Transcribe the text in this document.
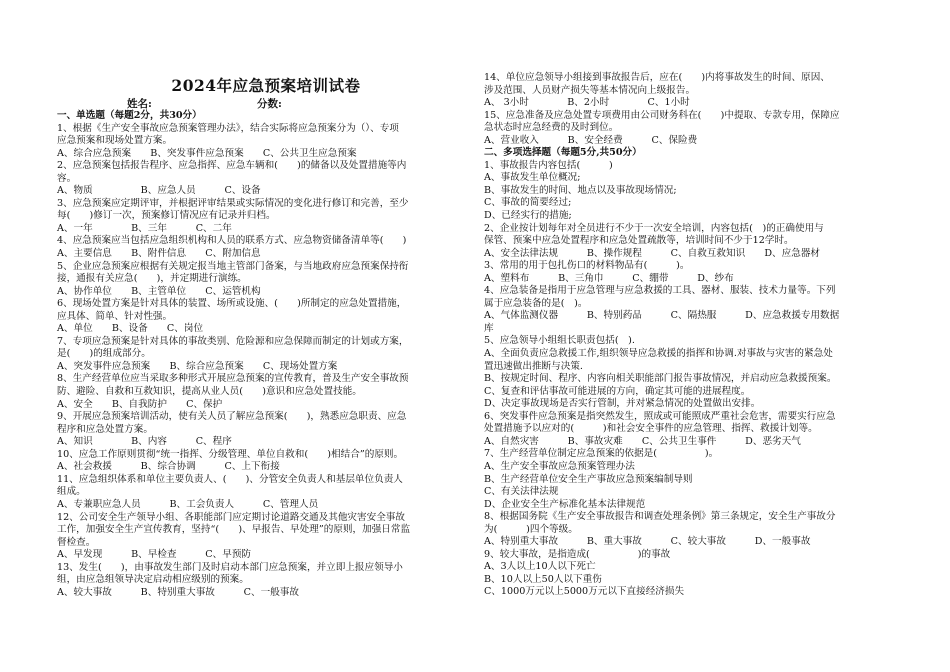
2024年应急预案培训试卷
姓名:	分数:
一、单选题（每题2分，共30分）
1、根据《生产安全事故应急预案管理办法》，结合实际将应急预案分为（）、专项
应急预案和现场处置方案。
A、综合应急预案　　B、突发事件应急预案　　C、公共卫生应急预案
2、应急预案包括报告程序、应急指挥、应急车辆和(　　)的储备以及处置措施等内
容。
A、物质　　　　　B、应急人员　　　C、设备
3、应急预案应定期评审，并根据评审结果或实际情况的变化进行修订和完善，至少
每(　　)修订一次，预案修订情况应有记录并归档。
A、一年　　　　B、三年　　　C、二年
4、应急预案应当包括应急组织机构和人员的联系方式、应急物资储备清单等(　　)
A、主要信息　　B、附件信息　　C、附加信息
5、企业应急预案应根据有关规定报当地主管部门备案，与当地政府应急预案保持衔
接，通报有关应急(　　)，并定期进行演练。
A、协作单位　　B、主管单位　　C、运管机构
6、现场处置方案是针对具体的装置、场所或设施、(　　)所制定的应急处置措施，
应具体、简单、针对性强。
A、单位　　B、设备　　C、岗位
7、专项应急预案是针对具体的事故类别、危险源和应急保障而制定的计划或方案，
是(　　)的组成部分。
A、突发事件应急预案　　B、综合应急预案　　C、现场处置方案
8、生产经营单位应当采取多种形式开展应急预案的宣传教育，普及生产安全事故预
防、避险、自救和互救知识，提高从业人员(　　)意识和应急处置技能。
A、安全　　B、自我防护　　C、保护
9、开展应急预案培训活动，使有关人员了解应急预案(　　)，熟悉应急职责、应急
程序和应急处置方案。
A、知识　　　　B、内容　　　C、程序
10、应急工作原则贯彻“统一指挥、分级管理、单位自救和(　　)相结合”的原则。
A、社会救援　　　B、综合协调　　　C、上下衔接
11、应急组织体系和单位主要负责人、(　　)、分管安全负责人和基层单位负责人
组成。
A、专兼职应急人员　　　B、工会负责人　　　C、管理人员
12、公司安全生产领导小组、各职能部门应定期讨论道路交通及其他灾害安全事故
工作，加强安全生产宣传教育，坚持“(　　)、早报告、早处理”的原则，加强日常监
督检查。
A、早发现　　　B、早检查　　　C、早预防
13、发生(　　)，由事故发生部门及时启动本部门应急预案，并立即上报应领导小
组，由应急组领导决定启动相应级别的预案。
A、较大事故　　　B、特别重大事故　　　C、一般事故
14、单位应急领导小组接到事故报告后，应在(　　)内将事故发生的时间、原因、
涉及范围、人员财产损失等基本情况向上级报告。
A、 3小时　　　　B、2小时　　　　C、1小时
15、应急准备及应急处置专项费用由公司财务科在(　　)中提取、专款专用，保障应
急状态时应急经费的及时到位。
A、营业收入　　　B、安全经费　　　C、保险费
二、多项选择题（每题5分,共50分）
1、事故报告内容包括(　　　)
A、事故发生单位概况;
B、事故发生的时间、地点以及事故现场情况;
C、事故的简要经过;
D、已经实行的措施;
2、企业按计划每年对全员进行不少于一次安全培训，内容包括(　)的正确使用与
保管、预案中应急处置程序和应急处置疏散等，培训时间不少于12学时。
A、安全法律法规　　　B、操作规程　　　C、自救互救知识　　D、应急器材
3、常用的用于包扎伤口的材料物品有(　　　)。
A、塑料布　　　B、三角巾　　　C、绷带　　　D、纱布
4、应急装备是指用于应急管理与应急救援的工具、器材、服装、技术力量等。下列
属于应急装备的是(　)。
A、气体监测仪器　　　B、特别药品　　　C、隔热服　　　D、应急救援专用数据
库
5、应急领导小组组长职责包括(　).
A、全面负责应急救援工作,组织领导应急救援的指挥和协调.对事故与灾害的紧急处
置迅速做出推断与决策.
B、按规定时间、程序、内容向相关职能部门报告事故情况，并启动应急救援预案。
C、复查和评估事故可能进展的方向，确定其可能的进展程度。
D、决定事故现场是否实行管制，并对紧急情况的处置做出安排。
6、突发事件应急预案是指突然发生，照成或可能照成严重社会危害，需要实行应急
处置措施予以应对的(　　　)和社会安全事件的应急管理、指挥、救援计划等。
A、自然灾害　　　B、事故灾难　　C、公共卫生事件　　　D、恶劣天气
7、生产经营单位制定应急预案的依据是(　　　　　)。
A、生产安全事故应急预案管理办法
B、生产经营单位安全生产事故应急预案编制导则
C、有关法律法规
D、企业安全生产标准化基本法律规范
8、根据国务院《生产安全事故报告和调查处理条例》第三条规定，安全生产事故分
为(　　　)四个等级。
A、特别重大事故　　　B、重大事故　　　C、较大事故　　　D、一般事故
9、较大事故，是指造成(　　　　　)的事故
A、3人以上10人以下死亡
B、10人以上50人以下重伤
C、1000万元以上5000万元以下直接经济损失
